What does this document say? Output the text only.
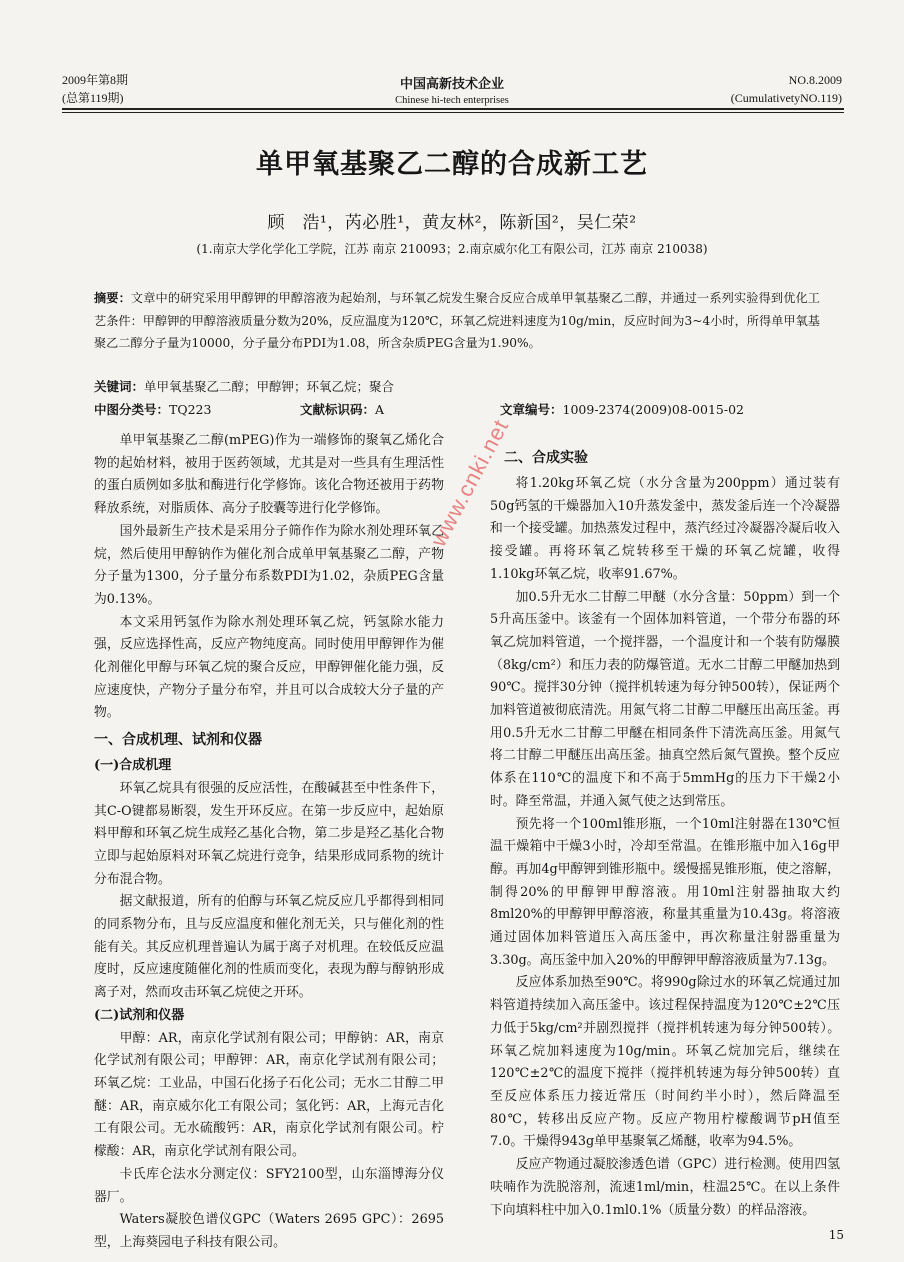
2009年第8期
(总第119期)
中国高新技术企业
Chinese hi-tech enterprises
NO.8.2009
(CumulativetyNO.119)
单甲氧基聚乙二醇的合成新工艺
顾　浩¹，芮必胜¹，黄友林²，陈新国²，吴仁荣²
(1.南京大学化学化工学院，江苏 南京 210093；2.南京威尔化工有限公司，江苏 南京 210038)
摘要：文章中的研究采用甲醇钾的甲醇溶液为起始剂，与环氧乙烷发生聚合反应合成单甲氧基聚乙二醇，并通过一系列实验得到优化工艺条件：甲醇钾的甲醇溶液质量分数为20%，反应温度为120℃，环氧乙烷进料速度为10g/min，反应时间为3~4小时，所得单甲氧基聚乙二醇分子量为10000，分子量分布PDI为1.08，所含杂质PEG含量为1.90%。
关键词：单甲氧基聚乙二醇；甲醇钾；环氧乙烷；聚合
中图分类号：TQ223	文献标识码：A	文章编号：1009-2374(2009)08-0015-02

单甲氧基聚乙二醇(mPEG)作为一端修饰的聚氧乙烯化合物的起始材料，被用于医药领域，尤其是对一些具有生理活性的蛋白质例如多肽和酶进行化学修饰。该化合物还被用于药物释放系统，对脂质体、高分子胶囊等进行化学修饰。

国外最新生产技术是采用分子筛作作为除水剂处理环氧乙烷，然后使用甲醇钠作为催化剂合成单甲氧基聚乙二醇，产物分子量为1300，分子量分布系数PDI为1.02，杂质PEG含量为0.13%。

本文采用钙氢作为除水剂处理环氧乙烷，钙氢除水能力强，反应选择性高，反应产物纯度高。同时使用甲醇钾作为催化剂催化甲醇与环氧乙烷的聚合反应，甲醇钾催化能力强，反应速度快，产物分子量分布窄，并且可以合成较大分子量的产物。

一、合成机理、试剂和仪器
(一)合成机理

环氧乙烷具有很强的反应活性，在酸碱甚至中性条件下，其C-O键都易断裂，发生开环反应。在第一步反应中，起始原料甲醇和环氧乙烷生成羟乙基化合物，第二步是羟乙基化合物立即与起始原料对环氧乙烷进行竞争，结果形成同系物的统计分布混合物。

据文献报道，所有的伯醇与环氧乙烷反应几乎都得到相同的同系物分布，且与反应温度和催化剂无关，只与催化剂的性能有关。其反应机理普遍认为属于离子对机理。在较低反应温度时，反应速度随催化剂的性质而变化，表现为醇与醇钠形成离子对，然而攻击环氧乙烷使之开环。

(二)试剂和仪器

甲醇：AR，南京化学试剂有限公司；甲醇钠：AR，南京化学试剂有限公司；甲醇钾：AR，南京化学试剂有限公司；环氧乙烷：工业品，中国石化扬子石化公司；无水二甘醇二甲醚：AR，南京威尔化工有限公司；氢化钙：AR，上海元吉化工有限公司。无水硫酸钙：AR，南京化学试剂有限公司。柠檬酸：AR，南京化学试剂有限公司。

卡氏库仑法水分测定仪：SFY2100型，山东淄博海分仪器厂。

Waters凝胶色谱仪GPC（Waters 2695 GPC）：2695型，上海葵园电子科技有限公司。

二、合成实验

将1.20kg环氧乙烷（水分含量为200ppm）通过装有50g钙氢的干燥器加入10升蒸发釜中，蒸发釜后连一个冷凝器和一个接受罐。加热蒸发过程中，蒸汽经过冷凝器冷凝后收入接受罐。再将环氧乙烷转移至干燥的环氧乙烷罐，收得1.10kg环氧乙烷，收率91.67%。

加0.5升无水二甘醇二甲醚（水分含量：50ppm）到一个5升高压釜中。该釜有一个固体加料管道，一个带分布器的环氧乙烷加料管道，一个搅拌器，一个温度计和一个装有防爆膜（8kg/cm²）和压力表的防爆管道。无水二甘醇二甲醚加热到90℃。搅拌30分钟（搅拌机转速为每分钟500转），保证两个加料管道被彻底清洗。用氮气将二甘醇二甲醚压出高压釜。再用0.5升无水二甘醇二甲醚在相同条件下清洗高压釜。用氮气将二甘醇二甲醚压出高压釜。抽真空然后氮气置换。整个反应体系在110℃的温度下和不高于5mmHg的压力下干燥2小时。降至常温，并通入氮气使之达到常压。

预先将一个100ml锥形瓶，一个10ml注射器在130℃恒温干燥箱中干燥3小时，冷却至常温。在锥形瓶中加入16g甲醇。再加4g甲醇钾到锥形瓶中。缓慢摇晃锥形瓶，使之溶解，制得20%的甲醇钾甲醇溶液。用10ml注射器抽取大约8ml20%的甲醇钾甲醇溶液，称量其重量为10.43g。将溶液通过固体加料管道压入高压釜中，再次称量注射器重量为3.30g。高压釜中加入20%的甲醇钾甲醇溶液质量为7.13g。

反应体系加热至90℃。将990g除过水的环氧乙烷通过加料管道持续加入高压釜中。该过程保持温度为120℃±2℃压力低于5kg/cm²并剧烈搅拌（搅拌机转速为每分钟500转）。环氧乙烷加料速度为10g/min。环氧乙烷加完后，继续在120℃±2℃的温度下搅拌（搅拌机转速为每分钟500转）直至反应体系压力接近常压（时间约半小时），然后降温至80℃，转移出反应产物。反应产物用柠檬酸调节pH值至7.0。干燥得943g单甲基聚氧乙烯醚，收率为94.5%。

反应产物通过凝胶渗透色谱（GPC）进行检测。使用四氢呋喃作为洗脱溶剂，流速1ml/min，柱温25℃。在以上条件下向填料柱中加入0.1ml0.1%（质量分数）的样品溶液。

www.cnki.net
15
